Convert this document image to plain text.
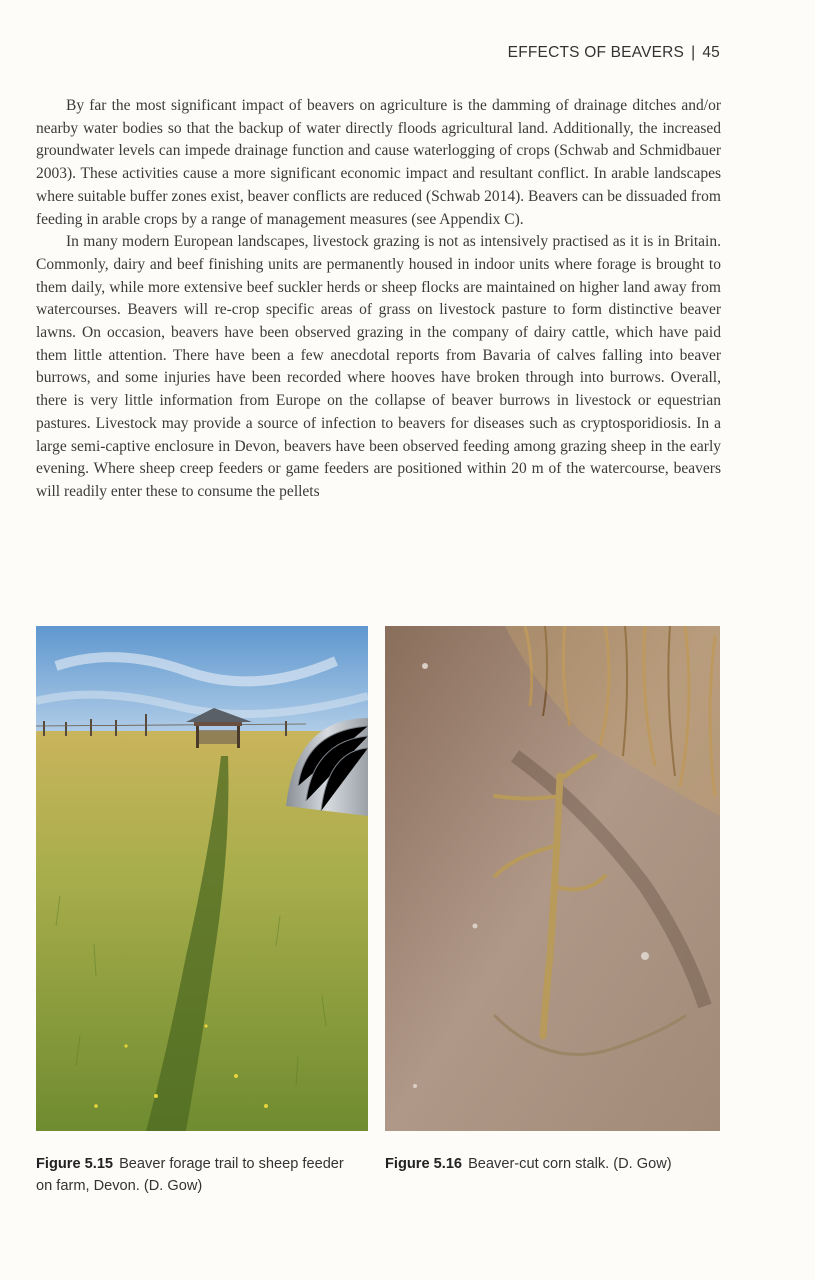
EFFECTS OF BEAVERS | 45

By far the most significant impact of beavers on agriculture is the damming of drainage ditches and/or nearby water bodies so that the backup of water directly floods agricultural land. Additionally, the increased groundwater levels can impede drainage function and cause waterlogging of crops (Schwab and Schmidbauer 2003). These activities cause a more significant economic impact and resultant conflict. In arable landscapes where suitable buffer zones exist, beaver conflicts are reduced (Schwab 2014). Beavers can be dissuaded from feeding in arable crops by a range of management measures (see Appendix C).

In many modern European landscapes, livestock grazing is not as intensively practised as it is in Britain. Commonly, dairy and beef finishing units are permanently housed in indoor units where forage is brought to them daily, while more extensive beef suckler herds or sheep flocks are maintained on higher land away from watercourses. Beavers will re-crop specific areas of grass on livestock pasture to form distinctive beaver lawns. On occasion, beavers have been observed grazing in the company of dairy cattle, which have paid them little attention. There have been a few anecdotal reports from Bavaria of calves falling into beaver burrows, and some injuries have been recorded where hooves have broken through into burrows. Overall, there is very little information from Europe on the collapse of beaver burrows in livestock or equestrian pastures. Livestock may provide a source of infection to beavers for diseases such as cryptosporidiosis. In a large semi-captive enclosure in Devon, beavers have been observed feeding among grazing sheep in the early evening. Where sheep creep feeders or game feeders are positioned within 20 m of the watercourse, beavers will readily enter these to consume the pellets

Figure 5.15 Beaver forage trail to sheep feeder on farm, Devon. (D. Gow)
Figure 5.16 Beaver-cut corn stalk. (D. Gow)
